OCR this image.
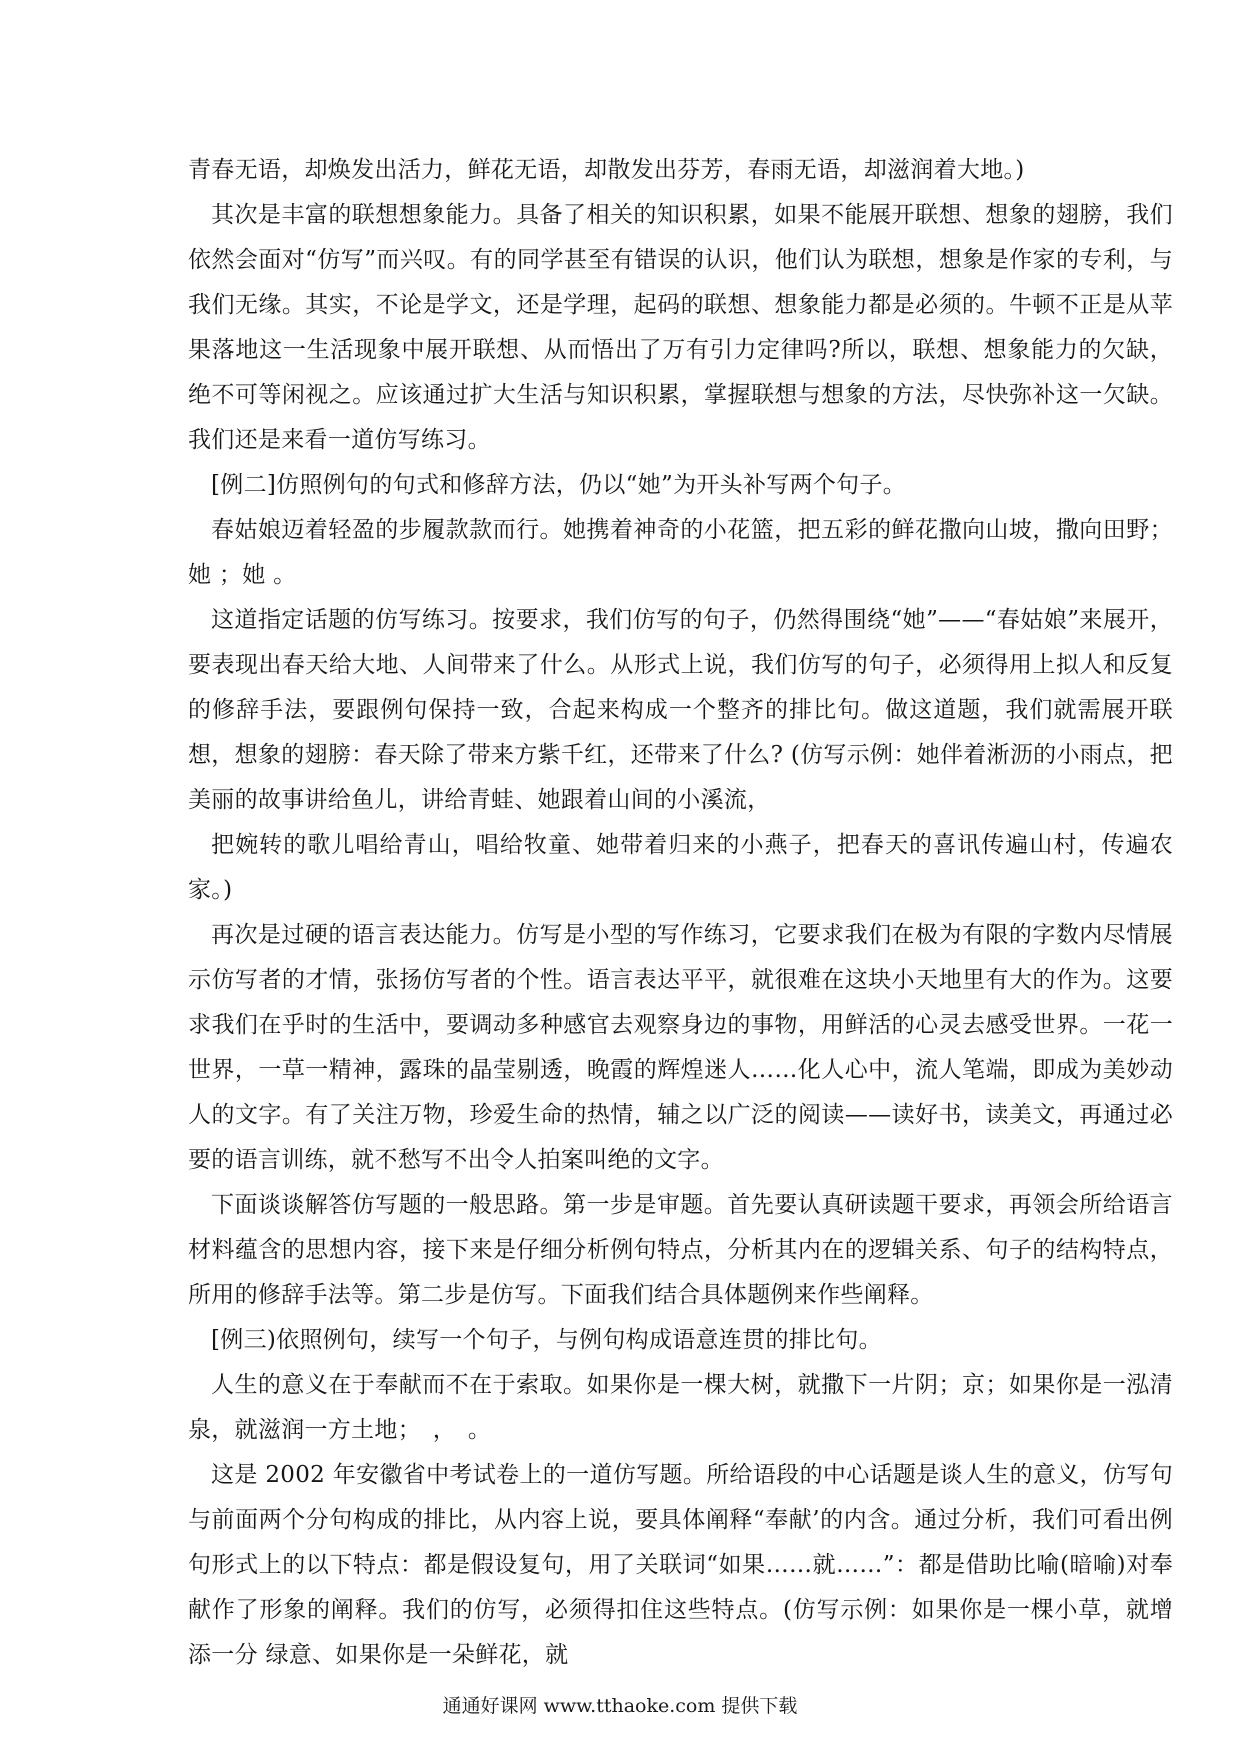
青春无语，却焕发出活力，鲜花无语，却散发出芬芳，春雨无语，却滋润着大地。)

其次是丰富的联想想象能力。具备了相关的知识积累，如果不能展开联想、想象的翅膀，我们依然会面对“仿写”而兴叹。有的同学甚至有错误的认识，他们认为联想，想象是作家的专利，与我们无缘。其实，不论是学文，还是学理，起码的联想、想象能力都是必须的。牛顿不正是从苹果落地这一生活现象中展开联想、从而悟出了万有引力定律吗?所以，联想、想象能力的欠缺，绝不可等闲视之。应该通过扩大生活与知识积累，掌握联想与想象的方法，尽快弥补这一欠缺。我们还是来看一道仿写练习。

[例二]仿照例句的句式和修辞方法，仍以“她”为开头补写两个句子。

春姑娘迈着轻盈的步履款款而行。她携着神奇的小花篮，把五彩的鲜花撒向山坡，撒向田野；她 ；她 。

这道指定话题的仿写练习。按要求，我们仿写的句子，仍然得围绕“她”——“春姑娘”来展开，要表现出春天给大地、人间带来了什么。从形式上说，我们仿写的句子，必须得用上拟人和反复的修辞手法，要跟例句保持一致，合起来构成一个整齐的排比句。做这道题，我们就需展开联想，想象的翅膀：春天除了带来方紫千红，还带来了什么? (仿写示例：她伴着淅沥的小雨点，把美丽的故事讲给鱼儿，讲给青蛙、她跟着山间的小溪流，

把婉转的歌儿唱给青山，唱给牧童、她带着归来的小燕子，把春天的喜讯传遍山村，传遍农家。)

再次是过硬的语言表达能力。仿写是小型的写作练习，它要求我们在极为有限的字数内尽情展示仿写者的才情，张扬仿写者的个性。语言表达平平，就很难在这块小天地里有大的作为。这要求我们在乎时的生活中，要调动多种感官去观察身边的事物，用鲜活的心灵去感受世界。一花一世界，一草一精神，露珠的晶莹剔透，晚霞的辉煌迷人……化人心中，流人笔端，即成为美妙动人的文字。有了关注万物，珍爱生命的热情，辅之以广泛的阅读——读好书，读美文，再通过必要的语言训练，就不愁写不出令人拍案叫绝的文字。

下面谈谈解答仿写题的一般思路。第一步是审题。首先要认真研读题干要求，再领会所给语言材料蕴含的思想内容，接下来是仔细分析例句特点，分析其内在的逻辑关系、句子的结构特点，所用的修辞手法等。第二步是仿写。下面我们结合具体题例来作些阐释。

[例三)依照例句，续写一个句子，与例句构成语意连贯的排比句。

人生的意义在于奉献而不在于索取。如果你是一棵大树，就撒下一片阴；京；如果你是一泓清泉，就滋润一方土地；　，　。

这是 2002 年安徽省中考试卷上的一道仿写题。所给语段的中心话题是谈人生的意义，仿写句与前面两个分句构成的排比，从内容上说，要具体阐释“奉献’的内含。通过分析，我们可看出例句形式上的以下特点：都是假设复句，用了关联词“如果……就……”：都是借助比喻(暗喻)对奉献作了形象的阐释。我们的仿写，必须得扣住这些特点。(仿写示例：如果你是一棵小草，就增添一分 绿意、如果你是一朵鲜花，就

通通好课网 www.tthaoke.com 提供下载
